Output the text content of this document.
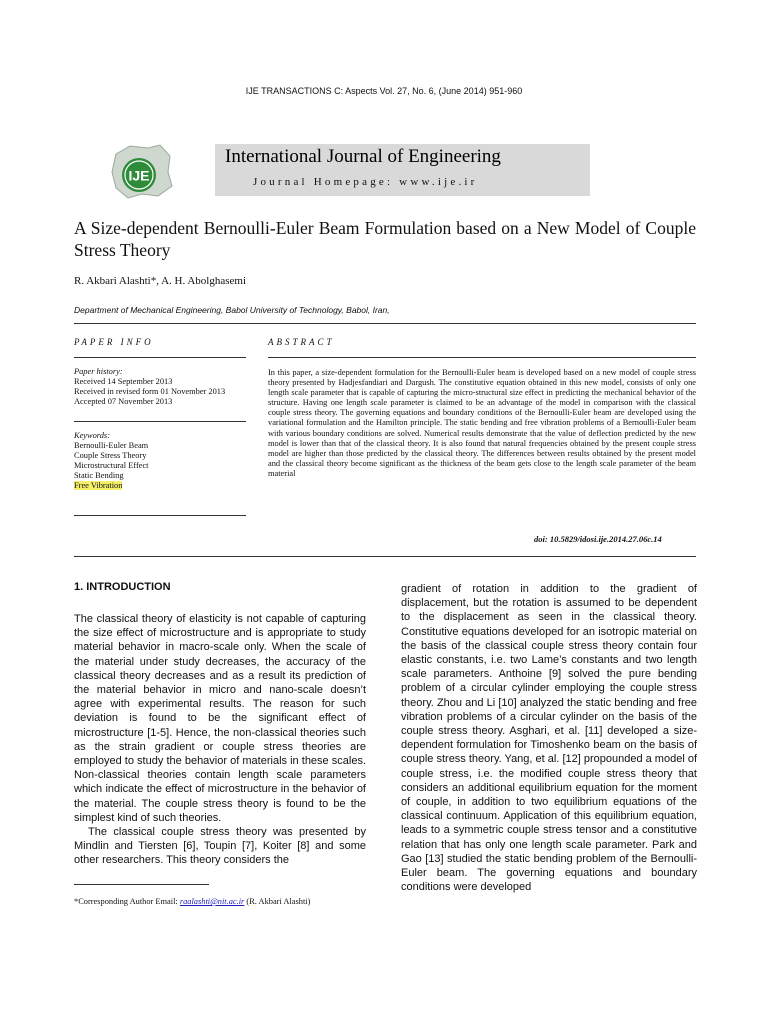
IJE TRANSACTIONS C: Aspects Vol. 27, No. 6, (June 2014) 951-960
IJE
International Journal of Engineering
Journal Homepage: www.ije.ir
A Size-dependent Bernoulli-Euler Beam Formulation based on a New Model of Couple Stress Theory
R. Akbari Alashti*, A. H. Abolghasemi
Department of Mechanical Engineering, Babol University of Technology, Babol, Iran,
PAPER INFO
Paper history:
Received 14 September 2013
Received in revised form 01 November 2013
Accepted 07 November 2013
Keywords:
Bernoulli-Euler Beam
Couple Stress Theory
Microstructural Effect
Static Bending
Free Vibration
ABSTRACT
In this paper, a size-dependent formulation for the Bernoulli-Euler beam is developed based on a new model of couple stress theory presented by Hadjesfandiari and Dargush. The constitutive equation obtained in this new model, consists of only one length scale parameter that is capable of capturing the micro-structural size effect in predicting the mechanical behavior of the structure. Having one length scale parameter is claimed to be an advantage of the model in comparison with the classical couple stress theory. The governing equations and boundary conditions of the Bernoulli-Euler beam are developed using the variational formulation and the Hamilton principle. The static bending and free vibration problems of a Bernoulli-Euler beam with various boundary conditions are solved. Numerical results demonstrate that the value of deflection predicted by the new model is lower than that of the classical theory. It is also found that natural frequencies obtained by the present couple stress model are higher than those predicted by the classical theory. The differences between results obtained by the present model and the classical theory become significant as the thickness of the beam gets close to the length scale parameter of the beam material
doi: 10.5829/idosi.ije.2014.27.06c.14
1. INTRODUCTION

The classical theory of elasticity is not capable of capturing the size effect of microstructure and is appropriate to study material behavior in macro-scale only. When the scale of the material under study decreases, the accuracy of the classical theory decreases and as a result its prediction of the material behavior in micro and nano-scale doesn’t agree with experimental results. The reason for such deviation is found to be the significant effect of microstructure [1-5]. Hence, the non-classical theories such as the strain gradient or couple stress theories are employed to study the behavior of materials in these scales. Non-classical theories contain length scale parameters which indicate the effect of microstructure in the behavior of the material. The couple stress theory is found to be the simplest kind of such theories.

The classical couple stress theory was presented by Mindlin and Tiersten [6], Toupin [7], Koiter [8] and some other researchers. This theory considers the

gradient of rotation in addition to the gradient of displacement, but the rotation is assumed to be dependent to the displacement as seen in the classical theory. Constitutive equations developed for an isotropic material on the basis of the classical couple stress theory contain four elastic constants, i.e. two Lame’s constants and two length scale parameters. Anthoine [9] solved the pure bending problem of a circular cylinder employing the couple stress theory. Zhou and Li [10] analyzed the static bending and free vibration problems of a circular cylinder on the basis of the couple stress theory. Asghari, et al. [11] developed a size-dependent formulation for Timoshenko beam on the basis of couple stress theory. Yang, et al. [12] propounded a model of couple stress, i.e. the modified couple stress theory that considers an additional equilibrium equation for the moment of couple, in addition to two equilibrium equations of the classical continuum. Application of this equilibrium equation, leads to a symmetric couple stress tensor and a constitutive relation that has only one length scale parameter. Park and Gao [13] studied the static bending problem of the Bernoulli-Euler beam. The governing equations and boundary conditions were developed

*Corresponding Author Email: raalashti@nit.ac.ir (R. Akbari Alashti)
